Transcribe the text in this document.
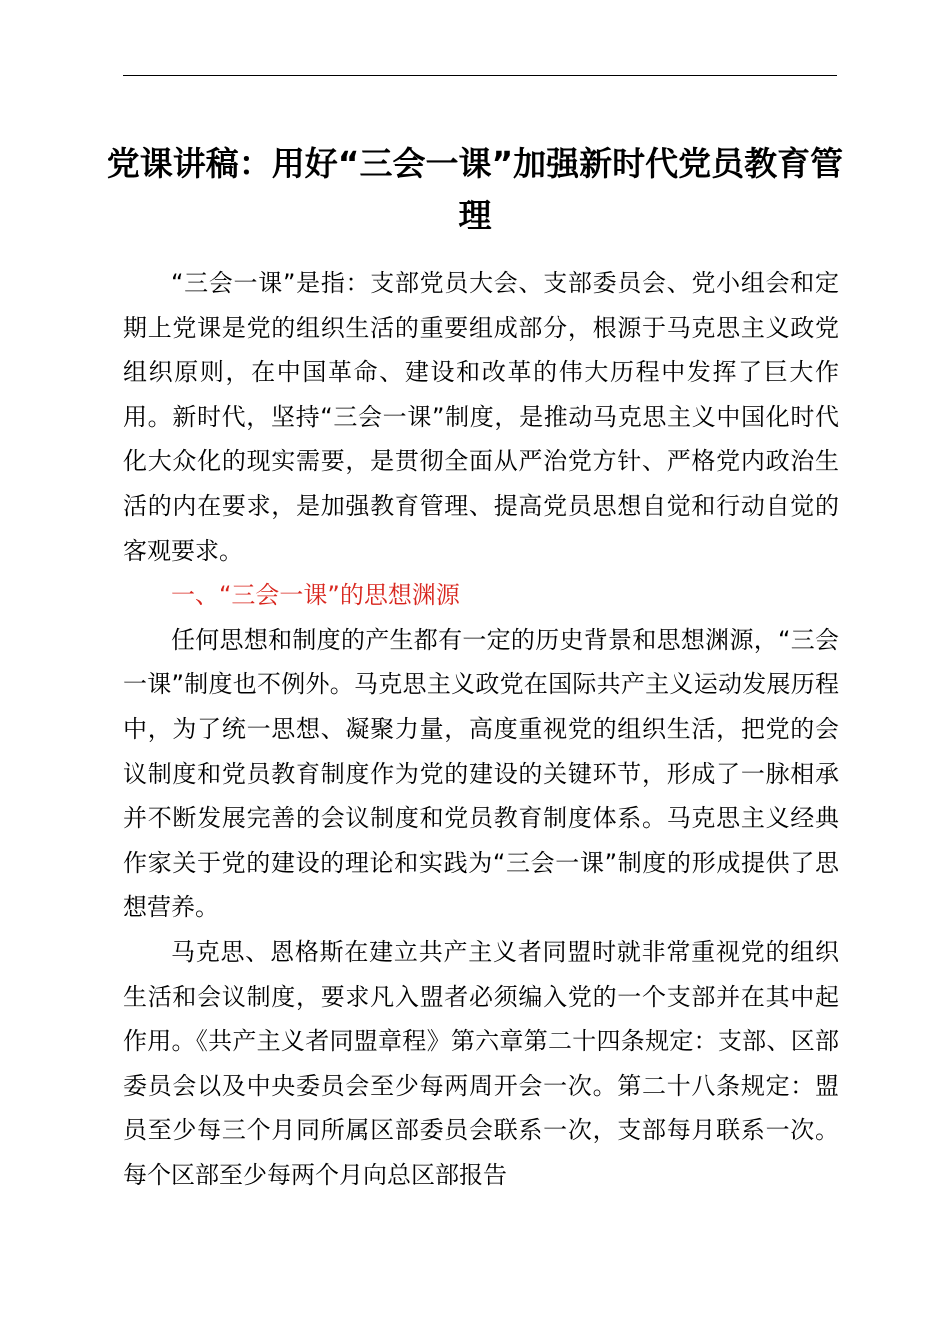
党课讲稿：用好“三会一课”加强新时代党员教育管理

“三会一课”是指：支部党员大会、支部委员会、党小组会和定期上党课是党的组织生活的重要组成部分，根源于马克思主义政党组织原则，在中国革命、建设和改革的伟大历程中发挥了巨大作用。新时代，坚持“三会一课”制度，是推动马克思主义中国化时代化大众化的现实需要，是贯彻全面从严治党方针、严格党内政治生活的内在要求，是加强教育管理、提高党员思想自觉和行动自觉的客观要求。

一、“三会一课”的思想渊源

任何思想和制度的产生都有一定的历史背景和思想渊源，“三会一课”制度也不例外。马克思主义政党在国际共产主义运动发展历程中，为了统一思想、凝聚力量，高度重视党的组织生活，把党的会议制度和党员教育制度作为党的建设的关键环节，形成了一脉相承并不断发展完善的会议制度和党员教育制度体系。马克思主义经典作家关于党的建设的理论和实践为“三会一课”制度的形成提供了思想营养。

马克思、恩格斯在建立共产主义者同盟时就非常重视党的组织生活和会议制度，要求凡入盟者必须编入党的一个支部并在其中起作用。《共产主义者同盟章程》第六章第二十四条规定：支部、区部委员会以及中央委员会至少每两周开会一次。第二十八条规定：盟员至少每三个月同所属区部委员会联系一次，支部每月联系一次。每个区部至少每两个月向总区部报告
